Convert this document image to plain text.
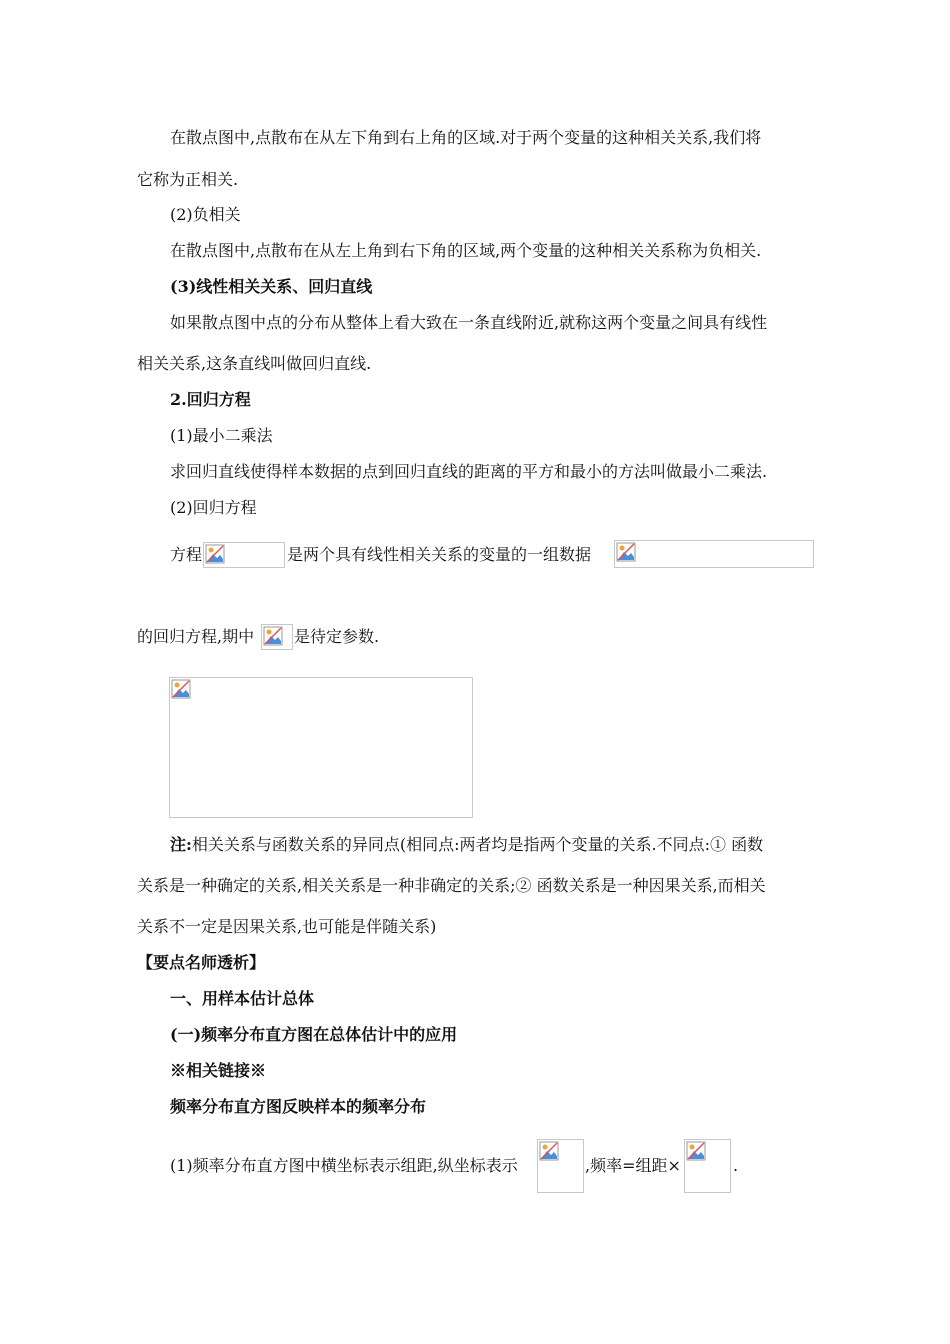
在散点图中,点散布在从左下角到右上角的区域.对于两个变量的这种相关关系,我们将
它称为正相关.
(2)负相关
在散点图中,点散布在从左上角到右下角的区域,两个变量的这种相关关系称为负相关.
(3)线性相关关系、回归直线
如果散点图中点的分布从整体上看大致在一条直线附近,就称这两个变量之间具有线性
相关关系,这条直线叫做回归直线.
2.回归方程
(1)最小二乘法
求回归直线使得样本数据的点到回归直线的距离的平方和最小的方法叫做最小二乘法.
(2)回归方程
方程	是两个具有线性相关关系的变量的一组数据
的回归方程,期中 是待定参数.
注:相关关系与函数关系的异同点(相同点:两者均是指两个变量的关系.不同点:① 函数
关系是一种确定的关系,相关关系是一种非确定的关系;② 函数关系是一种因果关系,而相关
关系不一定是因果关系,也可能是伴随关系)
【要点名师透析】
一、用样本估计总体
(一)频率分布直方图在总体估计中的应用
※相关链接※
频率分布直方图反映样本的频率分布
(1)频率分布直方图中横坐标表示组距,纵坐标表示	,频率=组距×	.
